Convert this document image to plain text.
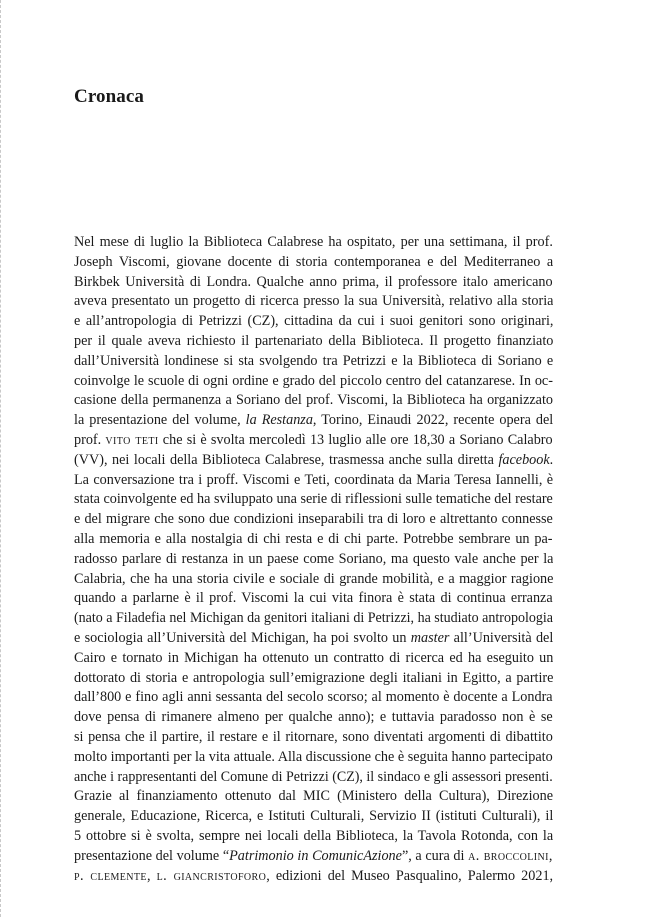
Cronaca
Nel mese di luglio la Biblioteca Calabrese ha ospitato, per una settimana, il prof.
Joseph Viscomi, giovane docente di storia contemporanea e del Mediterraneo a
Birkbek Università di Londra. Qualche anno prima, il professore italo americano
aveva presentato un progetto di ricerca presso la sua Università, relativo alla storia
e all’antropologia di Petrizzi (CZ), cittadina da cui i suoi genitori sono originari,
per il quale aveva richiesto il partenariato della Biblioteca. Il progetto finanziato
dall’Università londinese si sta svolgendo tra Petrizzi e la Biblioteca di Soriano e
coinvolge le scuole di ogni ordine e grado del piccolo centro del catanzarese. In oc-
casione della permanenza a Soriano del prof. Viscomi, la Biblioteca ha organizzato
la presentazione del volume, la Restanza, Torino, Einaudi 2022, recente opera del
prof. vito teti che si è svolta mercoledì 13 luglio alle ore 18,30 a Soriano Calabro
(VV), nei locali della Biblioteca Calabrese, trasmessa anche sulla diretta facebook.
La conversazione tra i proff. Viscomi e Teti, coordinata da Maria Teresa Iannelli, è
stata coinvolgente ed ha sviluppato una serie di riflessioni sulle tematiche del restare
e del migrare che sono due condizioni inseparabili tra di loro e altrettanto connesse
alla memoria e alla nostalgia di chi resta e di chi parte. Potrebbe sembrare un pa-
radosso parlare di restanza in un paese come Soriano, ma questo vale anche per la
Calabria, che ha una storia civile e sociale di grande mobilità, e a maggior ragione
quando a parlarne è il prof. Viscomi la cui vita finora è stata di continua erranza
(nato a Filadefia nel Michigan da genitori italiani di Petrizzi, ha studiato antropologia
e sociologia all’Università del Michigan, ha poi svolto un master all’Università del
Cairo e tornato in Michigan ha ottenuto un contratto di ricerca ed ha eseguito un
dottorato di storia e antropologia sull’emigrazione degli italiani in Egitto, a partire
dall’800 e fino agli anni sessanta del secolo scorso; al momento è docente a Londra
dove pensa di rimanere almeno per qualche anno); e tuttavia paradosso non è se
si pensa che il partire, il restare e il ritornare, sono diventati argomenti di dibattito
molto importanti per la vita attuale. Alla discussione che è seguita hanno partecipato
anche i rappresentanti del Comune di Petrizzi (CZ), il sindaco e gli assessori presenti.
Grazie al finanziamento ottenuto dal MIC (Ministero della Cultura), Direzione
generale, Educazione, Ricerca, e Istituti Culturali, Servizio II (istituti Culturali), il
5 ottobre si è svolta, sempre nei locali della Biblioteca, la Tavola Rotonda, con la
presentazione del volume “Patrimonio in ComunicAzione”, a cura di a. broccolini,
p. clemente, l. giancristoforo, edizioni del Museo Pasqualino, Palermo 2021,
